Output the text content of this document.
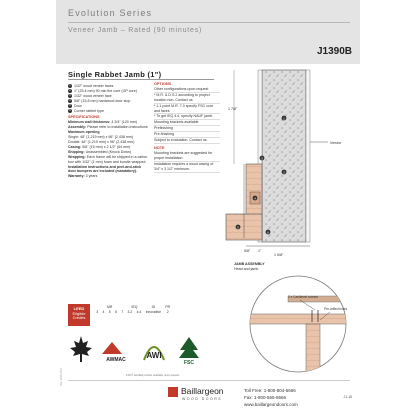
Evolution Series
Veneer Jamb – Rated (90 minutes)
J1390B
Single Rabbet Jamb (1")
1 1/32" wood veneer faces
2 1" (25.4 mm) 90 min fire core (GP core)
3 1/32" wood veneer face
4 5/8" (15.8 mm) hardwood door stop
5 Door
6 Corner rabbet type
SPECIFICATIONS
Minimum wall thickness: 4 3/4" (120 mm)
Assembly: Please refer to installation instructions
Maximum opening
Single: 48" (1,219 mm) x 96" (2,438 mm)
Double: 48" (1,219 mm) x 96" (2,438 mm)
Casing: 5/8" (15 mm) x 2 1/2" (64 mm)
Shipping: Unassembled (Knock Down)
Wrapping: Each frame will be shipped in a carton box with 1/32" (1 mm) foam and bundle wrapped.
Installation instructions and peel-and-stick door bumpers are included (mandatory).
Warranty: 3 years
OPTIONS
Other configurations upon request
* M.R. & D.S.2 according to project location rion. Contact us.
* 1.1 point M.R. 7.0 specify FSC core and faces
* To get IEQ 4.4, specify NAUF jamb.
Mounting brackets available
Prefinishing
Pre-finishing
Subject to evaluation. Contact us.
NOTE
Mounting brackets are suggested for proper installation.
Installation requires a wood casing of 3/4" x 3 1/2" minimum.
1
2
3
4
5
6
1 7/8"
5/8" 1"
1 5/8"
Vendor
JAMB ASSEMBLY
Head and jamb
2 x Cantilevel screws
Pre-drilled holes
LEED
Eligible
Credits
MR					IEQ		ID	PR
3	4	5	6	7	3.2	4.4	innovative	2
AWMAC	AWI
FSC
FSC® certified product available upon request.
Rev: 2016-2017
Baillargeon
WOOD DOORS
Toll Free: 1-800-804-5666
Fax: 1-800-565-8666
www.baillargeondoors.com
J1-18
